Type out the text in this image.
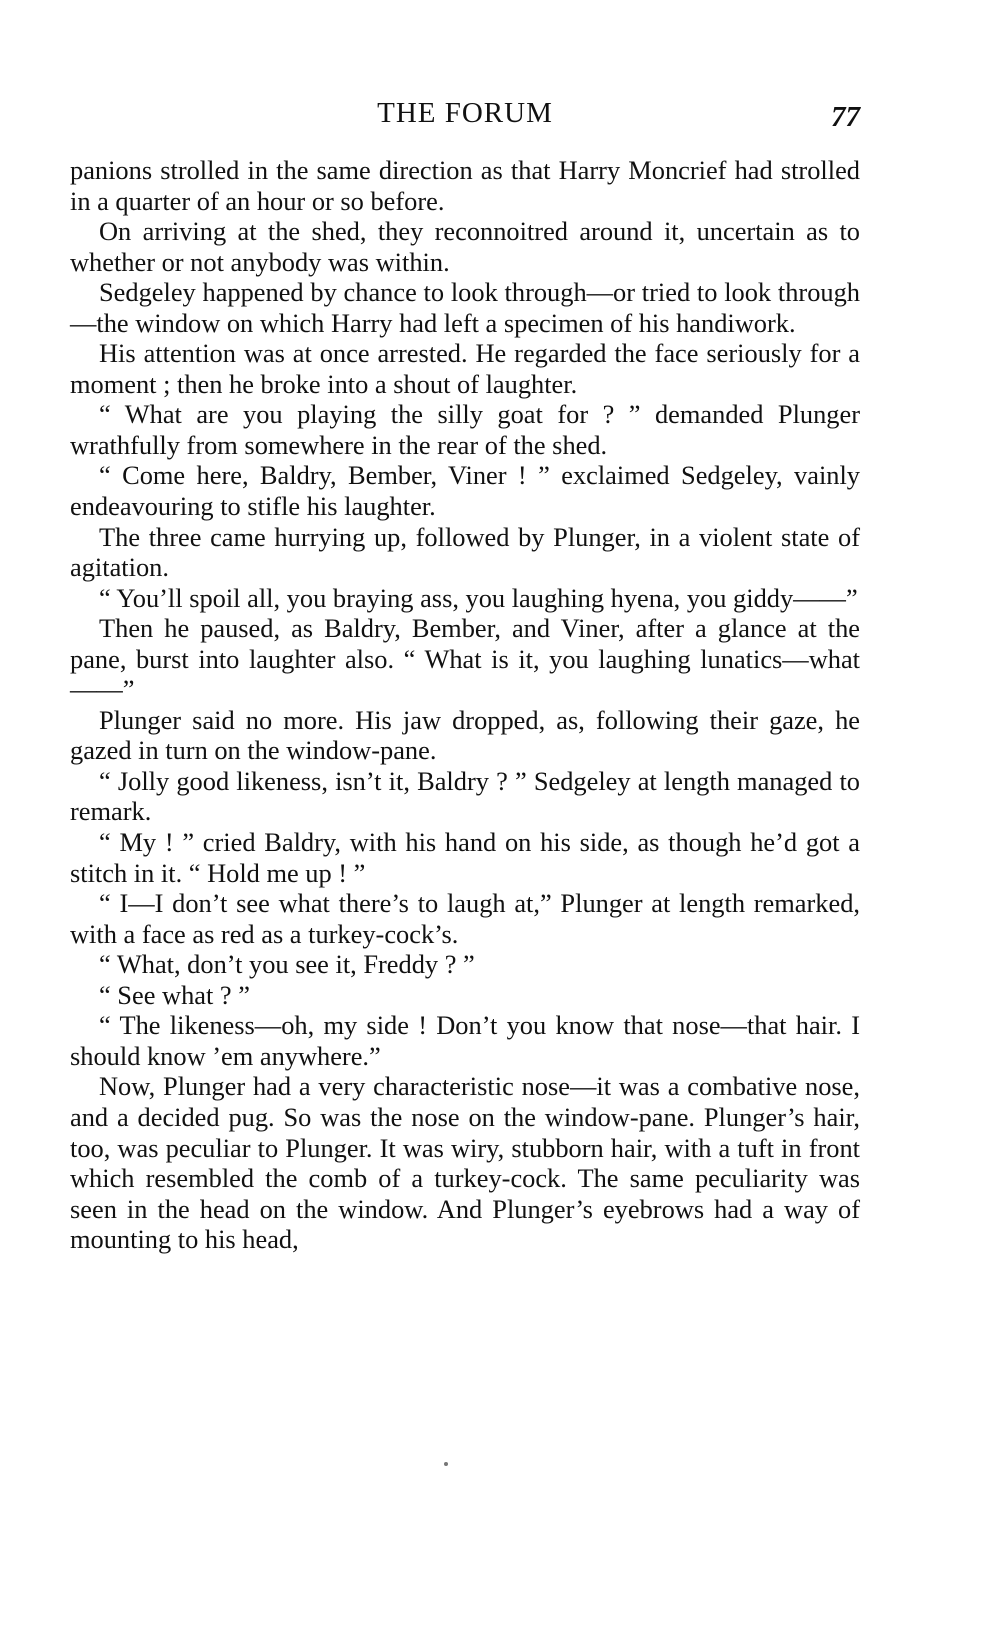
THE FORUM	77

panions strolled in the same direction as that Harry Moncrief had strolled in a quarter of an hour or so before.

On arriving at the shed, they reconnoitred around it, uncertain as to whether or not anybody was within.

Sedgeley happened by chance to look through—or tried to look through—the window on which Harry had left a specimen of his handiwork.

His attention was at once arrested. He regarded the face seriously for a moment ; then he broke into a shout of laughter.

“ What are you playing the silly goat for ? ” demanded Plunger wrathfully from somewhere in the rear of the shed.

“ Come here, Baldry, Bember, Viner ! ” exclaimed Sedgeley, vainly endeavouring to stifle his laughter.

The three came hurrying up, followed by Plunger, in a violent state of agitation.

“ You’ll spoil all, you braying ass, you laughing hyena, you giddy——”

Then he paused, as Baldry, Bember, and Viner, after a glance at the pane, burst into laughter also. “ What is it, you laughing lunatics—what——”

Plunger said no more. His jaw dropped, as, following their gaze, he gazed in turn on the window-pane.

“ Jolly good likeness, isn’t it, Baldry ? ” Sedgeley at length managed to remark.

“ My ! ” cried Baldry, with his hand on his side, as though he’d got a stitch in it. “ Hold me up ! ”

“ I—I don’t see what there’s to laugh at,” Plunger at length remarked, with a face as red as a turkey-cock’s.

“ What, don’t you see it, Freddy ? ”

“ See what ? ”

“ The likeness—oh, my side ! Don’t you know that nose—that hair. I should know ’em anywhere.”

Now, Plunger had a very characteristic nose—it was a combative nose, and a decided pug. So was the nose on the window-pane. Plunger’s hair, too, was peculiar to Plunger. It was wiry, stubborn hair, with a tuft in front which resembled the comb of a turkey-cock. The same peculiarity was seen in the head on the window. And Plunger’s eyebrows had a way of mounting to his head,
